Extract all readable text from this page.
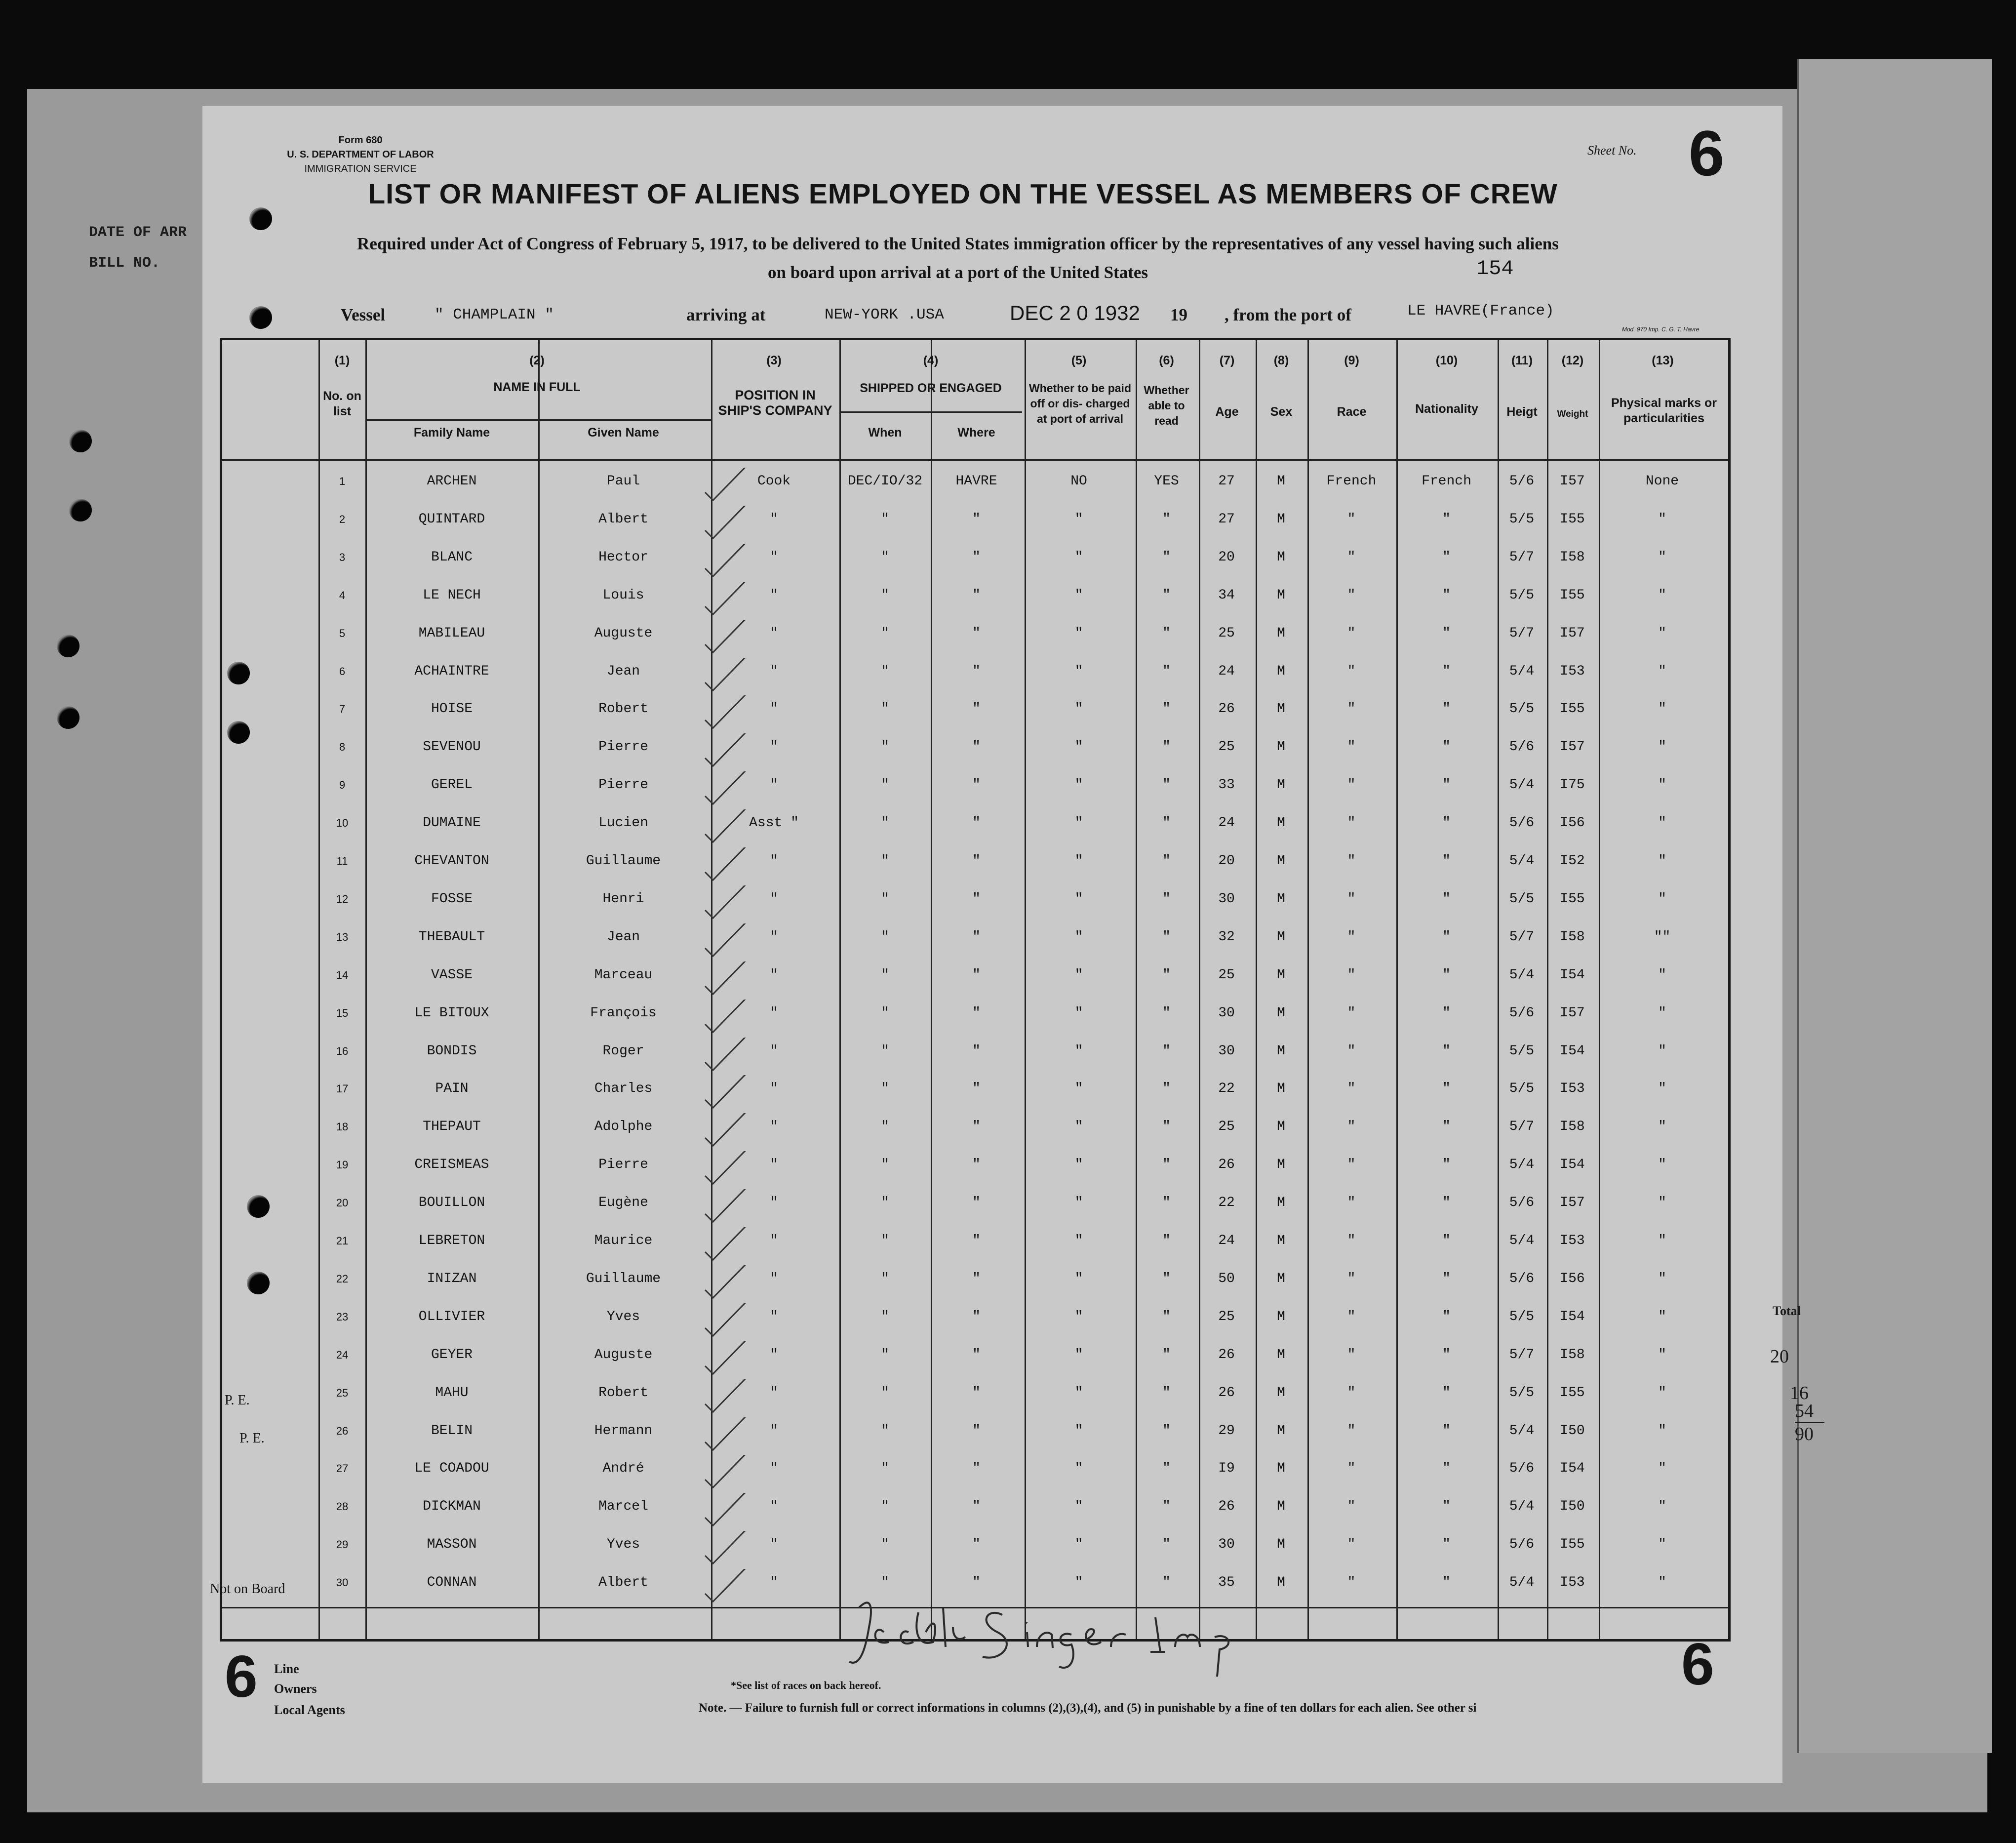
DATE OF ARR
BILL NO.
Form 680
U. S. DEPARTMENT OF LABOR
IMMIGRATION SERVICE
Sheet No. 6
LIST OR MANIFEST OF ALIENS EMPLOYED ON THE VESSEL AS MEMBERS OF CREW
Required under Act of Congress of February 5, 1917, to be delivered to the United States immigration officer by the representatives of any vessel having such aliens
on board upon arrival at a port of the United States	154
Vessel	" CHAMPLAIN "	arriving at	NEW-YORK .USA	DEC 2 0 1932 19 , from the port of	LE HAVRE(France)
Mod. 970 Imp. C. G. T. Havre
(1)
No. on list
(2)
NAME IN FULL
Family Name	Given Name
(3)
POSITION IN SHIP'S COMPANY
(4)
SHIPPED OR ENGAGED
When	Where
(5)
Whether to be paid off or dis- charged at port of arrival
(6)
Whether able to read
(7)
Age
(8)
Sex
(9)
Race
(10)
Nationality
(11)
Heigt
(12)
Weight
(13)
Physical marks or particularities
1	ARCHEN	Paul	Cook	DEC/IO/32	HAVRE	NO	YES	27	M	French	French	5/6	I57	None
2	QUINTARD	Albert	"	"	"	"	"	27	M	"	"	5/5	I55	"
3	BLANC	Hector	"	"	"	"	"	20	M	"	"	5/7	I58	"
4	LE NECH	Louis	"	"	"	"	"	34	M	"	"	5/5	I55	"
5	MABILEAU	Auguste	"	"	"	"	"	25	M	"	"	5/7	I57	"
6	ACHAINTRE	Jean	"	"	"	"	"	24	M	"	"	5/4	I53	"
7	HOISE	Robert	"	"	"	"	"	26	M	"	"	5/5	I55	"
8	SEVENOU	Pierre	"	"	"	"	"	25	M	"	"	5/6	I57	"
9	GEREL	Pierre	"	"	"	"	"	33	M	"	"	5/4	I75	"
10	DUMAINE	Lucien	Asst "	"	"	"	"	24	M	"	"	5/6	I56	"
11	CHEVANTON	Guillaume	"	"	"	"	"	20	M	"	"	5/4	I52	"
12	FOSSE	Henri	"	"	"	"	"	30	M	"	"	5/5	I55	"
13	THEBAULT	Jean	"	"	"	"	"	32	M	"	"	5/7	I58	""
14	VASSE	Marceau	"	"	"	"	"	25	M	"	"	5/4	I54	"
15	LE BITOUX	François	"	"	"	"	"	30	M	"	"	5/6	I57	"
16	BONDIS	Roger	"	"	"	"	"	30	M	"	"	5/5	I54	"
17	PAIN	Charles	"	"	"	"	"	22	M	"	"	5/5	I53	"
18	THEPAUT	Adolphe	"	"	"	"	"	25	M	"	"	5/7	I58	"
19	CREISMEAS	Pierre	"	"	"	"	"	26	M	"	"	5/4	I54	"
20	BOUILLON	Eugène	"	"	"	"	"	22	M	"	"	5/6	I57	"
21	LEBRETON	Maurice	"	"	"	"	"	24	M	"	"	5/4	I53	"
22	INIZAN	Guillaume	"	"	"	"	"	50	M	"	"	5/6	I56	"
23	OLLIVIER	Yves	"	"	"	"	"	25	M	"	"	5/5	I54	"
24	GEYER	Auguste	"	"	"	"	"	26	M	"	"	5/7	I58	"
25	MAHU	Robert	"	"	"	"	"	26	M	"	"	5/5	I55	"
26	BELIN	Hermann	"	"	"	"	"	29	M	"	"	5/4	I50	"
27	LE COADOU	André	"	"	"	"	"	I9	M	"	"	5/6	I54	"
28	DICKMAN	Marcel	"	"	"	"	"	26	M	"	"	5/4	I50	"
29	MASSON	Yves	"	"	"	"	"	30	M	"	"	5/6	I55	"
30	CONNAN	Albert	"	"	"	"	"	35	M	"	"	5/4	I53	"
P. E.
P. E.
Not on Board
Total
20
16
54
90
6	6
Line
Owners
Local Agents
*See list of races on back hereof.
Note. — Failure to furnish full or correct informations in columns (2),(3),(4), and (5) in punishable by a fine of ten dollars for each alien. See other si
